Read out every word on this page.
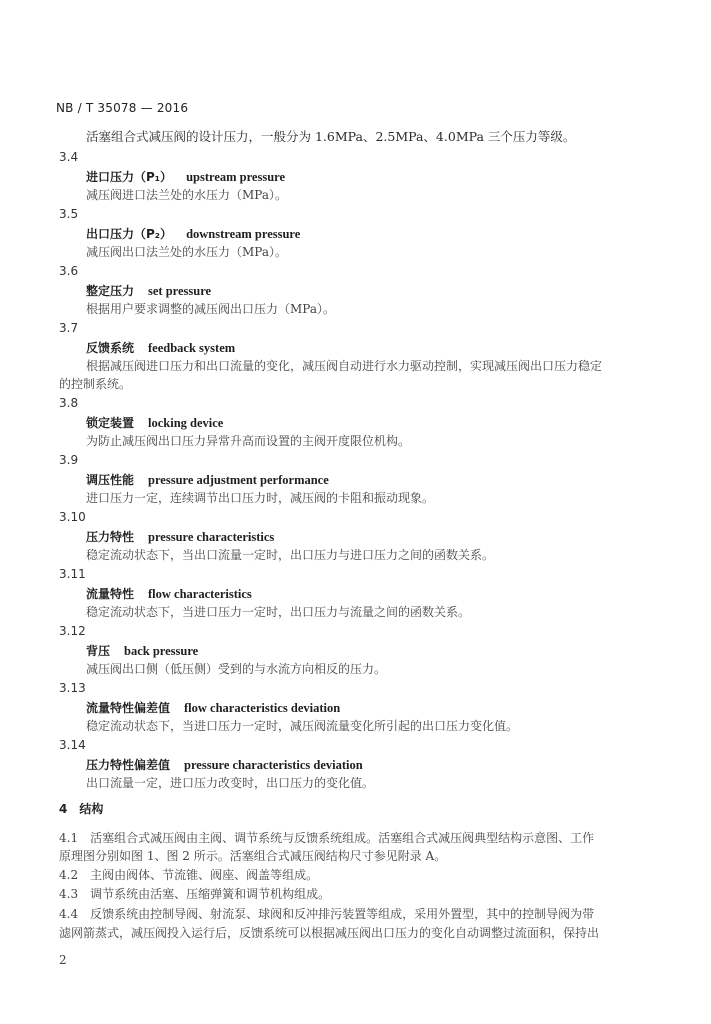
NB / T 35078 — 2016
活塞组合式减压阀的设计压力，一般分为 1.6MPa、2.5MPa、4.0MPa 三个压力等级。
3.4
进口压力（P₁） upstream pressure
减压阀进口法兰处的水压力（MPa）。
3.5
出口压力（P₂） downstream pressure
减压阀出口法兰处的水压力（MPa）。
3.6
整定压力 set pressure
根据用户要求调整的减压阀出口压力（MPa）。
3.7
反馈系统 feedback system
根据减压阀进口压力和出口流量的变化，减压阀自动进行水力驱动控制，实现减压阀出口压力稳定
的控制系统。
3.8
锁定装置 locking device
为防止减压阀出口压力异常升高而设置的主阀开度限位机构。
3.9
调压性能 pressure adjustment performance
进口压力一定，连续调节出口压力时，减压阀的卡阻和振动现象。
3.10
压力特性 pressure characteristics
稳定流动状态下，当出口流量一定时，出口压力与进口压力之间的函数关系。
3.11
流量特性 flow characteristics
稳定流动状态下，当进口压力一定时，出口压力与流量之间的函数关系。
3.12
背压 back pressure
减压阀出口侧（低压侧）受到的与水流方向相反的压力。
3.13
流量特性偏差值 flow characteristics deviation
稳定流动状态下，当进口压力一定时，减压阀流量变化所引起的出口压力变化值。
3.14
压力特性偏差值 pressure characteristics deviation
出口流量一定，进口压力改变时，出口压力的变化值。
4 结构
4.1　活塞组合式减压阀由主阀、调节系统与反馈系统组成。活塞组合式减压阀典型结构示意图、工作
原理图分别如图 1、图 2 所示。活塞组合式减压阀结构尺寸参见附录 A。
4.2　主阀由阀体、节流锥、阀座、阀盖等组成。
4.3　调节系统由活塞、压缩弹簧和调节机构组成。
4.4　反馈系统由控制导阀、射流泵、球阀和反冲排污装置等组成，采用外置型，其中的控制导阀为带
滤网箭蒸式，减压阀投入运行后，反馈系统可以根据减压阀出口压力的变化自动调整过流面积，保持出
2
